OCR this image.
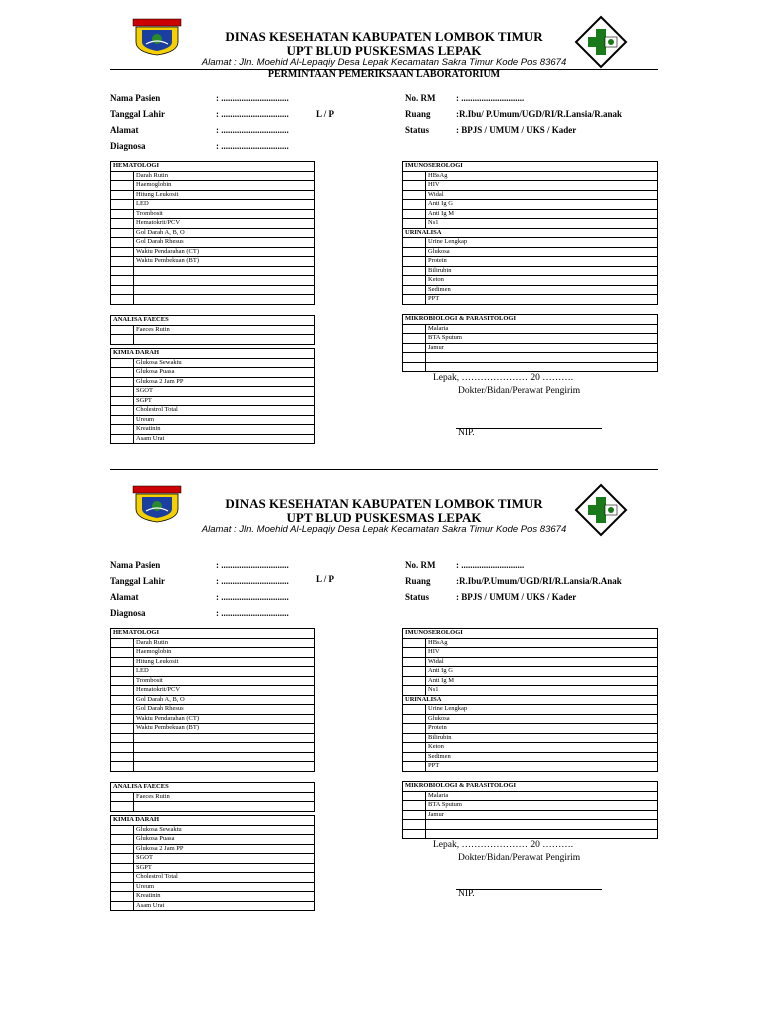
DINAS KESEHATAN KABUPATEN LOMBOK TIMUR
UPT BLUD PUSKESMAS LEPAK
Alamat : Jln. Moehid Al-Lepaqiy Desa Lepak Kecamatan Sakra Timur Kode Pos 83674
PERMINTAAN PEMERIKSAAN LABORATORIUM
Nama Pasien	: ..............................
Tanggal Lahir	: ..............................	L / P
Alamat	: ..............................
Diagnosa	: ..............................
No. RM : ............................
Ruang	:R.Ibu/ P.Umum/UGD/RI/R.Lansia/R.anak
Status	: BPJS / UMUM / UKS / Kader
HEMATOLOGI	
	Darah Rutin
	Haemoglobin
	Hitung Leukosit
	LED
	Trombosit
	Hematokrit/PCV
	Gol Darah A, B, O
	Gol Darah Rhesus
	Waktu Pendarahan (CT)
	Waktu Pembekuan (BT)

ANALISA FAECES	
	Faeces Rutin

KIMIA DARAH	
	Glukosa Sewaktu
	Glukosa Puasa
	Glukosa 2 Jam PP
	SGOT
	SGPT
	Cholestrol Total
	Ureum
	Kreatinin
	Asam Urat
IMUNOSEROLOGI	
	HBsAg
	HIV
	Widal
	Anti Ig G
	Anti Ig M
	Ns1
URINALISA	
	Urine Lengkap
	Glukosa
	Protein
	Bilirubin
	Keton
	Sedimen
	PPT
MIKROBIOLOGI & PARASITOLOGI	
	Malaria
	BTA Sputum
	Jamur

Lepak, ………………… 20 ……….
Dokter/Bidan/Perawat Pengirim
NIP.
DINAS KESEHATAN KABUPATEN LOMBOK TIMUR
UPT BLUD PUSKESMAS LEPAK
Alamat : Jln. Moehid Al-Lepaqiy Desa Lepak Kecamatan Sakra Timur Kode Pos 83674
Nama Pasien	: ..............................
Tanggal Lahir	: ..............................	L / P
Alamat	: ..............................
Diagnosa	: ..............................
No. RM : ............................
Ruang	:R.Ibu/P.Umum/UGD/RI/R.Lansia/R.Anak
Status	: BPJS / UMUM / UKS / Kader
HEMATOLOGI	
	Darah Rutin
	Haemoglobin
	Hitung Leukosit
	LED
	Trombosit
	Hematokrit/PCV
	Gol Darah A, B, O
	Gol Darah Rhesus
	Waktu Pendarahan (CT)
	Waktu Pembekuan (BT)

ANALISA FAECES	
	Faeces Rutin

KIMIA DARAH	
	Glukosa Sewaktu
	Glukosa Puasa
	Glukosa 2 Jam PP
	SGOT
	SGPT
	Cholestrol Total
	Ureum
	Kreatinin
	Asam Urat
IMUNOSEROLOGI	
	HBsAg
	HIV
	Widal
	Anti Ig G
	Anti Ig M
	Ns1
URINALISA	
	Urine Lengkap
	Glukosa
	Protein
	Bilirubin
	Keton
	Sedimen
	PPT
MIKROBIOLOGI & PARASITOLOGI	
	Malaria
	BTA Sputum
	Jamur

Lepak, ………………… 20 ……….
Dokter/Bidan/Perawat Pengirim
NIP.
